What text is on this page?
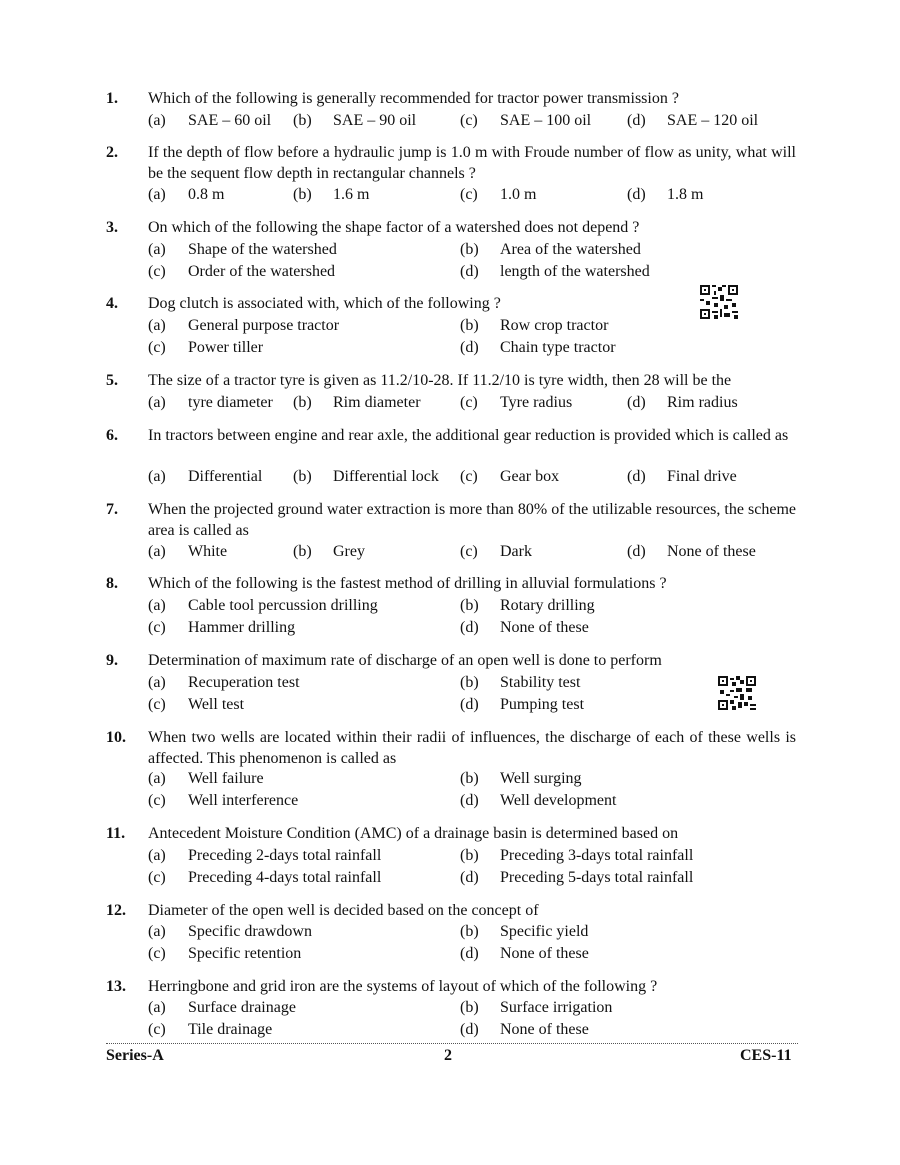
1. Which of the following is generally recommended for tractor power transmission ?
(a) SAE – 60 oil (b) SAE – 90 oil	(c) SAE – 100 oil (d) SAE – 120 oil
2. If the depth of flow before a hydraulic jump is 1.0 m with Froude number of flow as unity, what will be the sequent flow depth in rectangular channels ?
(a) 0.8 m	(b) 1.6 m	(c) 1.0 m	(d) 1.8 m
3. On which of the following the shape factor of a watershed does not depend ?
(a) Shape of the watershed	(b) Area of the watershed
(c) Order of the watershed	(d) length of the watershed
4. Dog clutch is associated with, which of the following ?
(a) General purpose tractor	(b) Row crop tractor
(c) Power tiller	(d) Chain type tractor
5. The size of a tractor tyre is given as 11.2/10-28. If 11.2/10 is tyre width, then 28 will be the
(a) tyre diameter (b) Rim diameter (c) Tyre radius	(d) Rim radius
6. In tractors between engine and rear axle, the additional gear reduction is provided which is called as
(a) Differential (b) Differential lock (c) Gear box	(d) Final drive
7. When the projected ground water extraction is more than 80% of the utilizable resources, the scheme area is called as
(a) White	(b) Grey	(c) Dark	(d) None of these
8. Which of the following is the fastest method of drilling in alluvial formulations ?
(a) Cable tool percussion drilling	(b) Rotary drilling
(c) Hammer drilling	(d) None of these
9. Determination of maximum rate of discharge of an open well is done to perform
(a) Recuperation test	(b) Stability test
(c) Well test	(d) Pumping test
10. When two wells are located within their radii of influences, the discharge of each of these wells is affected. This phenomenon is called as
(a) Well failure	(b) Well surging
(c) Well interference	(d) Well development
11. Antecedent Moisture Condition (AMC) of a drainage basin is determined based on
(a) Preceding 2-days total rainfall	(b) Preceding 3-days total rainfall
(c) Preceding 4-days total rainfall	(d) Preceding 5-days total rainfall
12. Diameter of the open well is decided based on the concept of
(a) Specific drawdown	(b) Specific yield
(c) Specific retention	(d) None of these
13. Herringbone and grid iron are the systems of layout of which of the following ?
(a) Surface drainage	(b) Surface irrigation
(c) Tile drainage	(d) None of these
Series-A	2	CES-11
